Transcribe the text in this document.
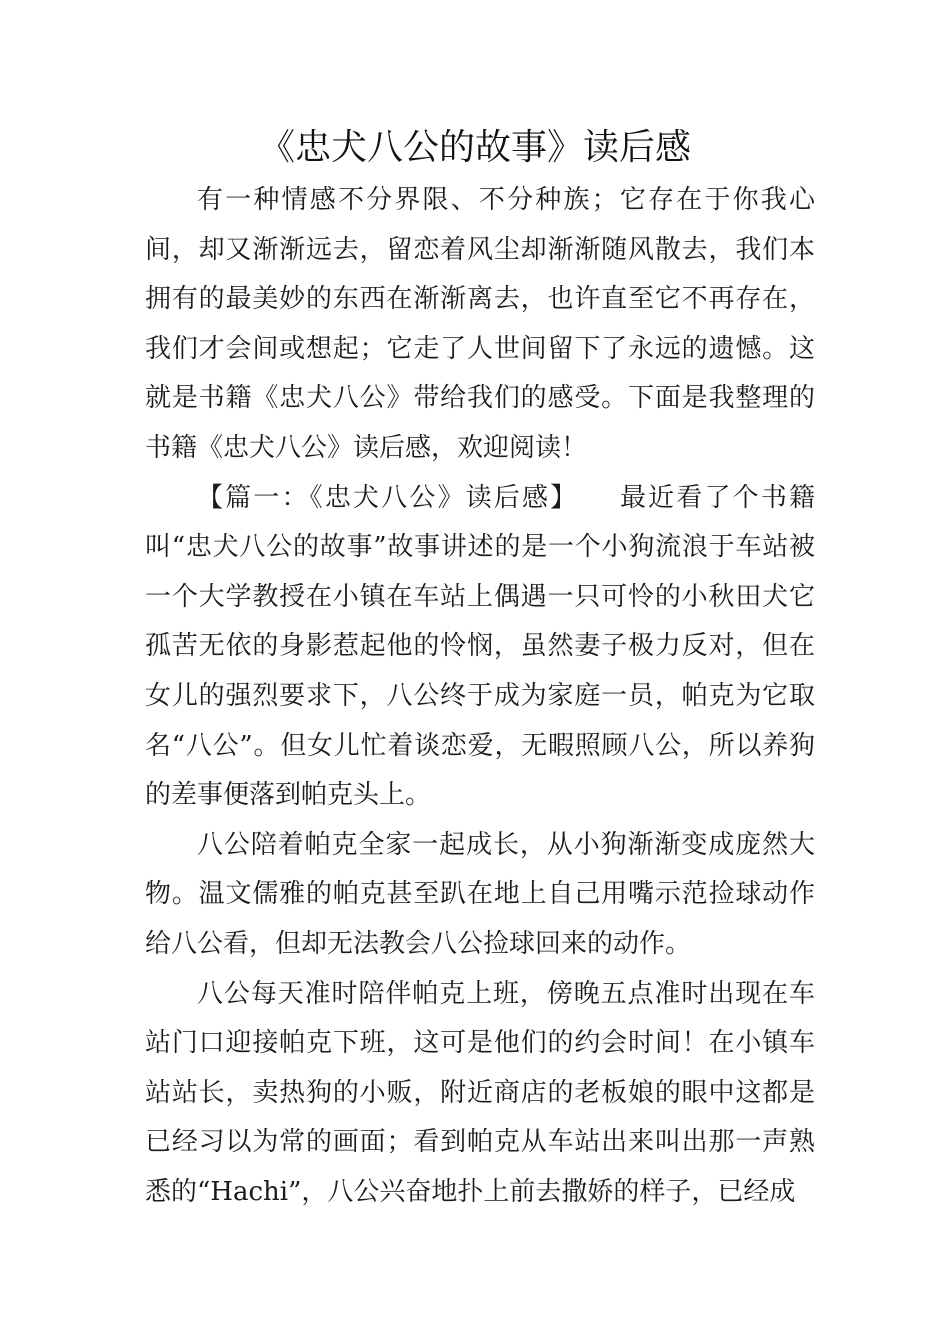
《忠犬八公的故事》读后感

有一种情感不分界限、不分种族；它存在于你我心间，却又渐渐远去，留恋着风尘却渐渐随风散去，我们本拥有的最美妙的东西在渐渐离去，也许直至它不再存在，我们才会间或想起；它走了人世间留下了永远的遗憾。这就是书籍《忠犬八公》带给我们的感受。下面是我整理的书籍《忠犬八公》读后感，欢迎阅读！

【篇一：《忠犬八公》读后感】 最近看了个书籍叫“忠犬八公的故事”故事讲述的是一个小狗流浪于车站被一个大学教授在小镇在车站上偶遇一只可怜的小秋田犬它孤苦无依的身影惹起他的怜悯，虽然妻子极力反对，但在女儿的强烈要求下，八公终于成为家庭一员，帕克为它取名“八公”。但女儿忙着谈恋爱，无暇照顾八公，所以养狗的差事便落到帕克头上。

八公陪着帕克全家一起成长，从小狗渐渐变成庞然大物。温文儒雅的帕克甚至趴在地上自己用嘴示范捡球动作给八公看，但却无法教会八公捡球回来的动作。

八公每天准时陪伴帕克上班，傍晚五点准时出现在车站门口迎接帕克下班，这可是他们的约会时间！在小镇车站站长，卖热狗的小贩，附近商店的老板娘的眼中这都是已经习以为常的画面；看到帕克从车站出来叫出那一声熟悉的“Hachi”，八公兴奋地扑上前去撒娇的样子，已经成
